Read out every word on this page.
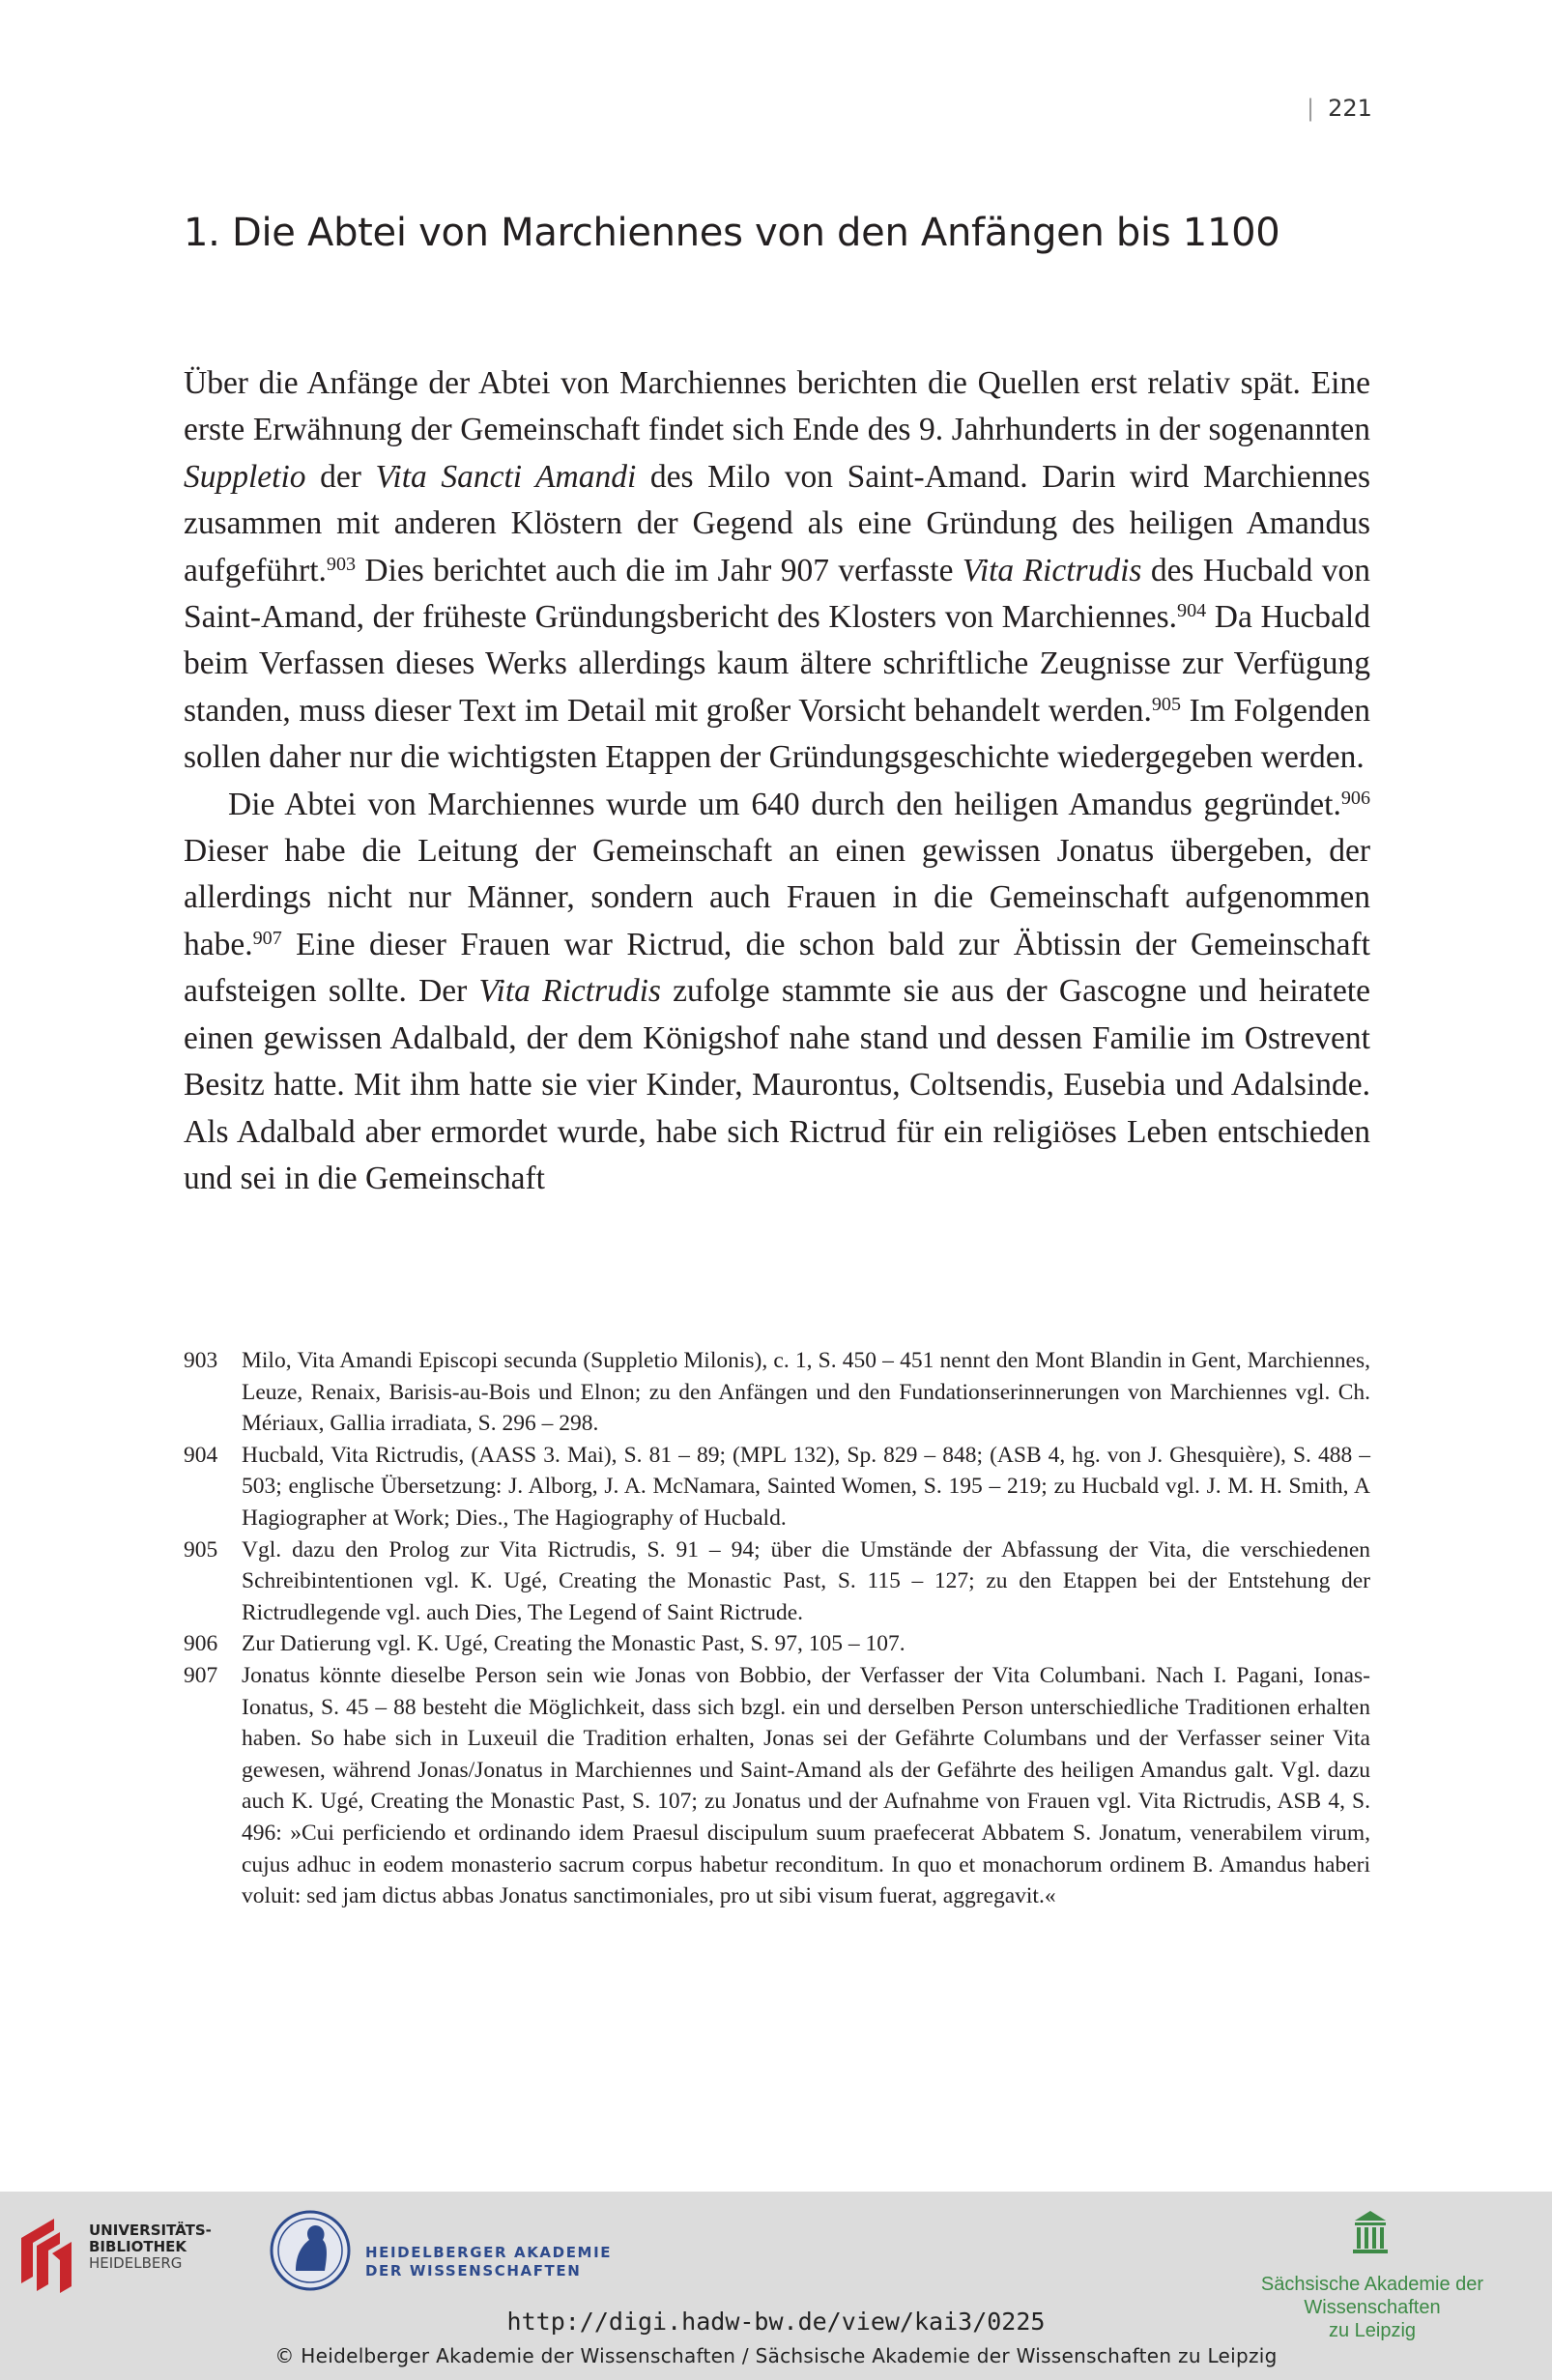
| 221
1. Die Abtei von Marchiennes von den Anfängen bis 1100

Über die Anfänge der Abtei von Marchiennes berichten die Quellen erst relativ spät. Eine erste Erwähnung der Gemeinschaft findet sich Ende des 9. Jahrhunderts in der sogenannten Suppletio der Vita Sancti Amandi des Milo von Saint-Amand. Darin wird Marchiennes zusammen mit anderen Klöstern der Gegend als eine Gründung des heiligen Amandus aufgeführt.$^{903}$ Dies berichtet auch die im Jahr 907 verfasste Vita Rictrudis des Hucbald von Saint-Amand, der früheste Gründungsbericht des Klosters von Marchiennes.$^{904}$ Da Hucbald beim Verfassen dieses Werks allerdings kaum ältere schriftliche Zeugnisse zur Verfügung standen, muss dieser Text im Detail mit großer Vorsicht behandelt werden.$^{905}$ Im Folgenden sollen daher nur die wichtigsten Etappen der Gründungsgeschichte wiedergegeben werden.

Die Abtei von Marchiennes wurde um 640 durch den heiligen Amandus gegründet.$^{906}$ Dieser habe die Leitung der Gemeinschaft an einen gewissen Jonatus übergeben, der allerdings nicht nur Männer, sondern auch Frauen in die Gemeinschaft aufgenommen habe.$^{907}$ Eine dieser Frauen war Rictrud, die schon bald zur Äbtissin der Gemeinschaft aufsteigen sollte. Der Vita Rictrudis zufolge stammte sie aus der Gascogne und heiratete einen gewissen Adalbald, der dem Königshof nahe stand und dessen Familie im Ostrevent Besitz hatte. Mit ihm hatte sie vier Kinder, Maurontus, Coltsendis, Eusebia und Adalsinde. Als Adalbald aber ermordet wurde, habe sich Rictrud für ein religiöses Leben entschieden und sei in die Gemeinschaft

903	Milo, Vita Amandi Episcopi secunda (Suppletio Milonis), c. 1, S. 450 – 451 nennt den Mont Blandin in Gent, Marchiennes, Leuze, Renaix, Barisis-au-Bois und Elnon; zu den Anfängen und den Fundationserinnerungen von Marchiennes vgl. Ch. Mériaux, Gallia irradiata, S. 296 – 298.
904	Hucbald, Vita Rictrudis, (AASS 3. Mai), S. 81 – 89; (MPL 132), Sp. 829 – 848; (ASB 4, hg. von J. Ghesquière), S. 488 – 503; englische Übersetzung: J. Alborg, J. A. McNamara, Sainted Women, S. 195 – 219; zu Hucbald vgl. J. M. H. Smith, A Hagiographer at Work; Dies., The Hagiography of Hucbald.
905	Vgl. dazu den Prolog zur Vita Rictrudis, S. 91 – 94; über die Umstände der Abfassung der Vita, die verschiedenen Schreibintentionen vgl. K. Ugé, Creating the Monastic Past, S. 115 – 127; zu den Etappen bei der Entstehung der Rictrudlegende vgl. auch Dies, The Legend of Saint Rictrude.
906	Zur Datierung vgl. K. Ugé, Creating the Monastic Past, S. 97, 105 – 107.
907	Jonatus könnte dieselbe Person sein wie Jonas von Bobbio, der Verfasser der Vita Columbani. Nach I. Pagani, Ionas-Ionatus, S. 45 – 88 besteht die Möglichkeit, dass sich bzgl. ein und derselben Person unterschiedliche Traditionen erhalten haben. So habe sich in Luxeuil die Tradition erhalten, Jonas sei der Gefährte Columbans und der Verfasser seiner Vita gewesen, während Jonas/Jonatus in Marchiennes und Saint-Amand als der Gefährte des heiligen Amandus galt. Vgl. dazu auch K. Ugé, Creating the Monastic Past, S. 107; zu Jonatus und der Aufnahme von Frauen vgl. Vita Rictrudis, ASB 4, S. 496: »Cui perficiendo et ordinando idem Praesul discipulum suum praefecerat Abbatem S. Jonatum, venerabilem virum, cujus adhuc in eodem monasterio sacrum corpus habetur reconditum. In quo et monachorum ordinem B. Amandus haberi voluit: sed jam dictus abbas Jonatus sanctimoniales, pro ut sibi visum fuerat, aggregavit.«
UNIVERSITÄTS-
BIBLIOTHEK
HEIDELBERG
HEIDELBERGER AKADEMIE
DER WISSENSCHAFTEN
Sächsische Akademie der Wissenschaften
zu Leipzig
http://digi.hadw-bw.de/view/kai3/0225
© Heidelberger Akademie der Wissenschaften / Sächsische Akademie der Wissenschaften zu Leipzig
